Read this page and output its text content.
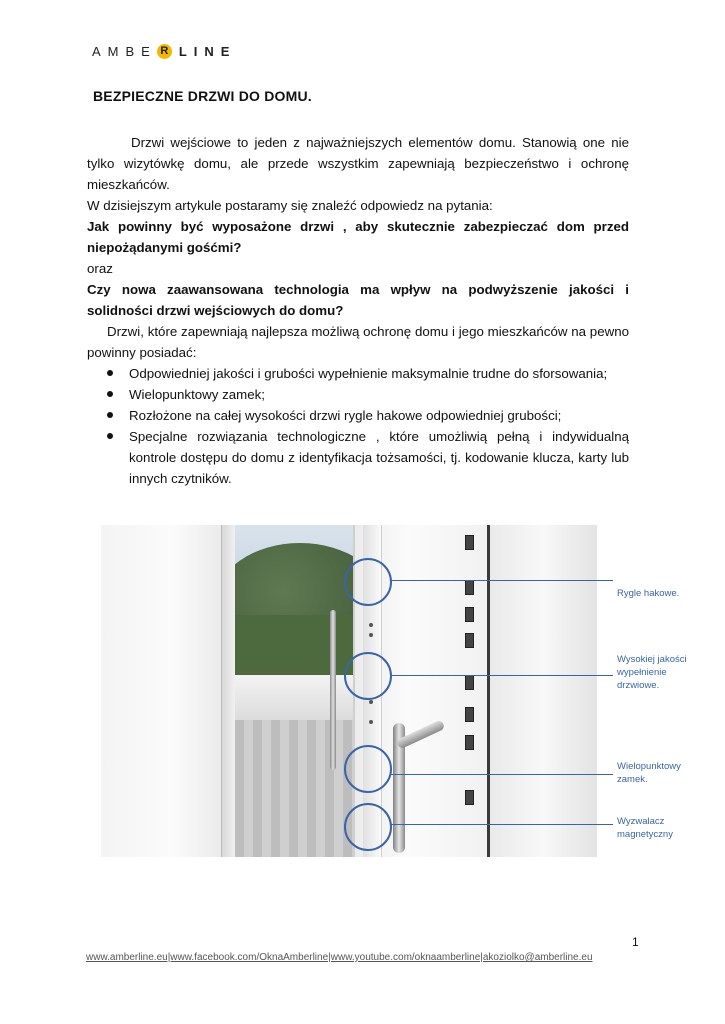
AMBE R LINE
BEZPIECZNE DRZWI DO DOMU.

Drzwi wejściowe to jeden z najważniejszych elementów domu. Stanowią one nie tylko wizytówkę domu, ale przede wszystkim zapewniają bezpieczeństwo i ochronę mieszkańców.

W dzisiejszym artykule postaramy się znaleźć odpowiedz na pytania:

Jak powinny być wyposażone drzwi , aby skutecznie zabezpieczać dom przed niepożądanymi gośćmi?

oraz

Czy nowa zaawansowana technologia ma wpływ na podwyższenie jakości i solidności drzwi wejściowych do domu?

Drzwi, które zapewniają najlepsza możliwą ochronę domu i jego mieszkańców na pewno powinny posiadać:

Odpowiedniej jakości i grubości wypełnienie maksymalnie trudne do sforsowania;
Wielopunktowy zamek;
Rozłożone na całej wysokości drzwi rygle hakowe odpowiedniej grubości;
Specjalne rozwiązania technologiczne , które umożliwią pełną i indywidualną kontrole dostępu do domu z identyfikacja tożsamości, tj. kodowanie klucza, karty lub innych czytników.
Rygle hakowe.
Wysokiej jakości wypełnienie drzwiowe.
Wielopunktowy zamek.
Wyzwalacz magnetyczny
1
www.amberline.eu|www.facebook.com/OknaAmberline|www.youtube.com/oknaamberline|akoziolko@amberline.eu
